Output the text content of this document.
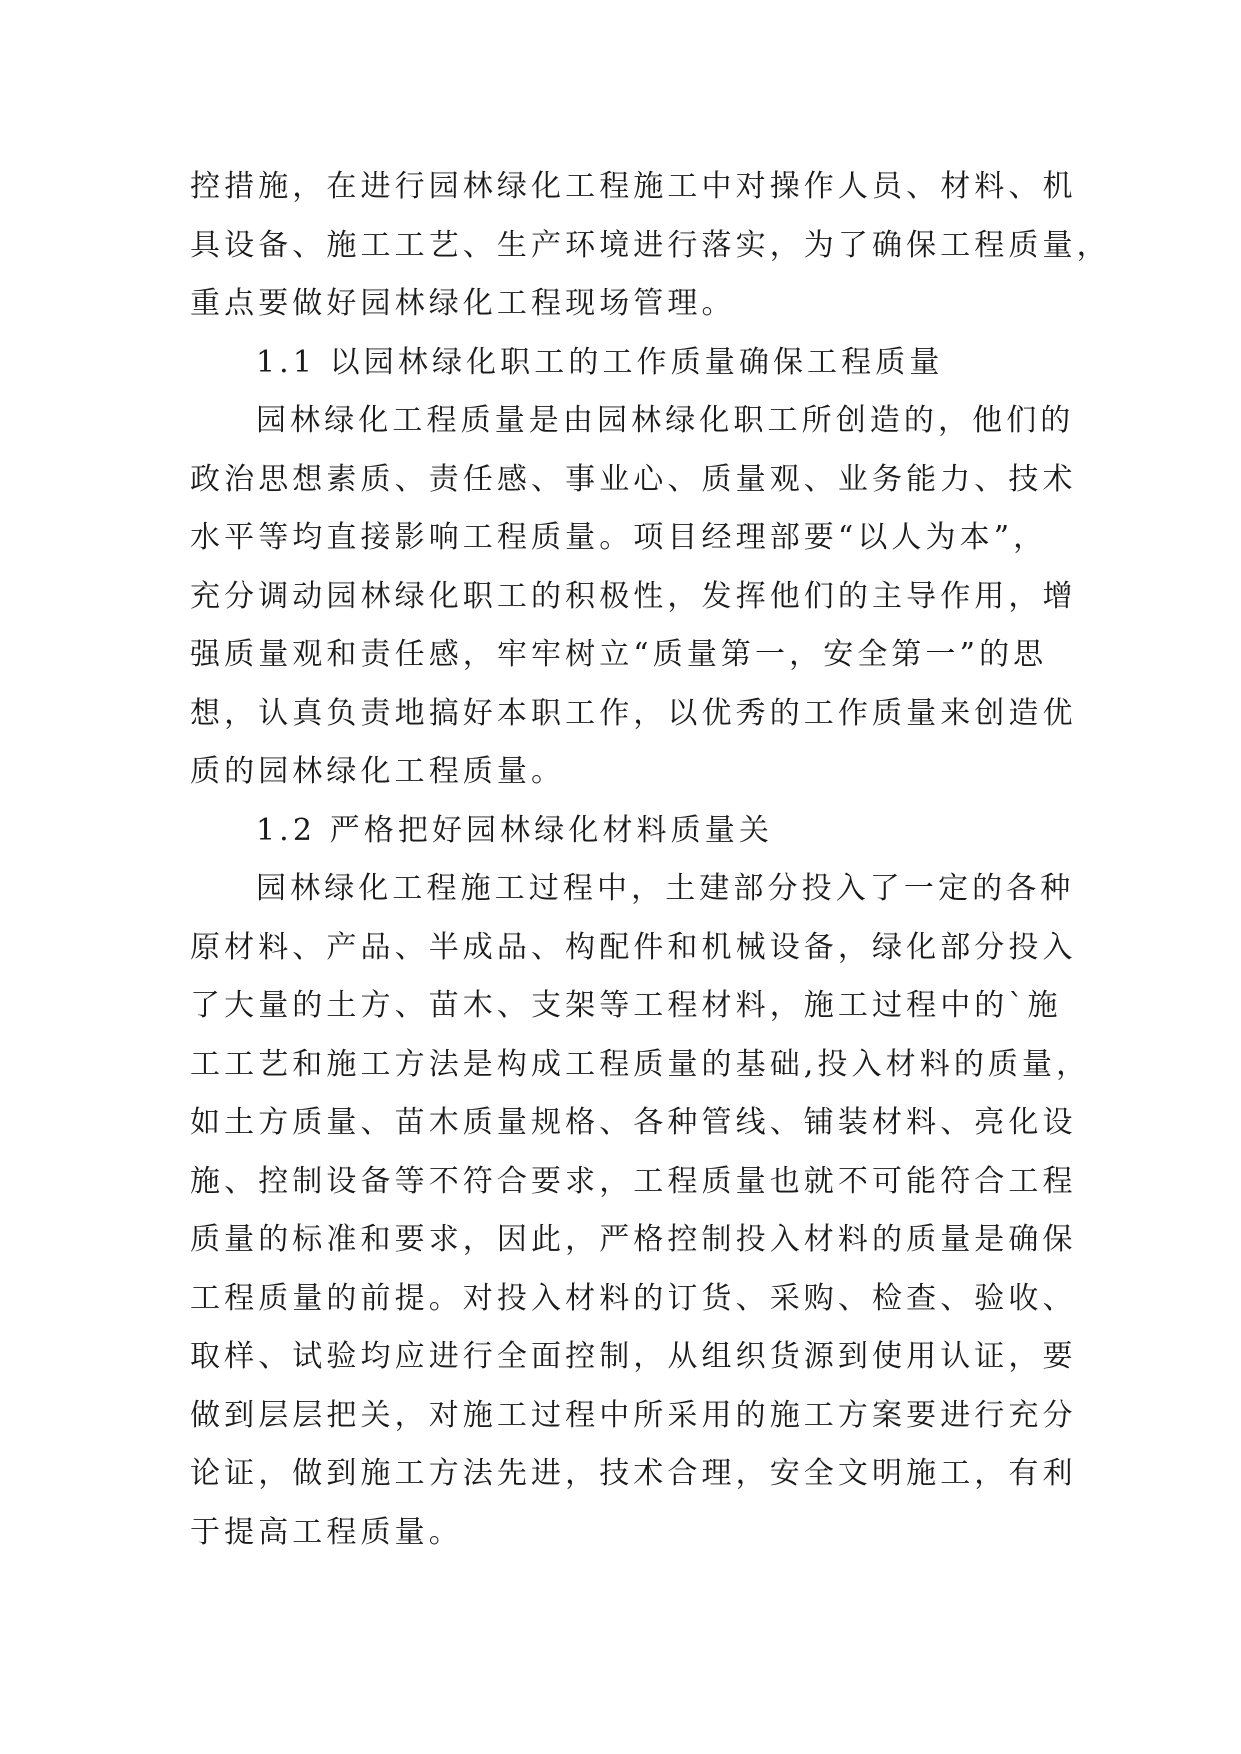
控措施，在进行园林绿化工程施工中对操作人员、材料、机
具设备、施工工艺、生产环境进行落实，为了确保工程质量，
重点要做好园林绿化工程现场管理。
1.1 以园林绿化职工的工作质量确保工程质量
园林绿化工程质量是由园林绿化职工所创造的，他们的
政治思想素质、责任感、事业心、质量观、业务能力、技术
水平等均直接影响工程质量。项目经理部要“以人为本”，
充分调动园林绿化职工的积极性，发挥他们的主导作用，增
强质量观和责任感，牢牢树立“质量第一，安全第一”的思
想，认真负责地搞好本职工作，以优秀的工作质量来创造优
质的园林绿化工程质量。
1.2 严格把好园林绿化材料质量关
园林绿化工程施工过程中，土建部分投入了一定的各种
原材料、产品、半成品、构配件和机械设备，绿化部分投入
了大量的土方、苗木、支架等工程材料，施工过程中的`施
工工艺和施工方法是构成工程质量的基础,投入材料的质量，
如土方质量、苗木质量规格、各种管线、铺装材料、亮化设
施、控制设备等不符合要求，工程质量也就不可能符合工程
质量的标准和要求，因此，严格控制投入材料的质量是确保
工程质量的前提。对投入材料的订货、采购、检查、验收、
取样、试验均应进行全面控制，从组织货源到使用认证，要
做到层层把关，对施工过程中所采用的施工方案要进行充分
论证，做到施工方法先进，技术合理，安全文明施工，有利
于提高工程质量。
